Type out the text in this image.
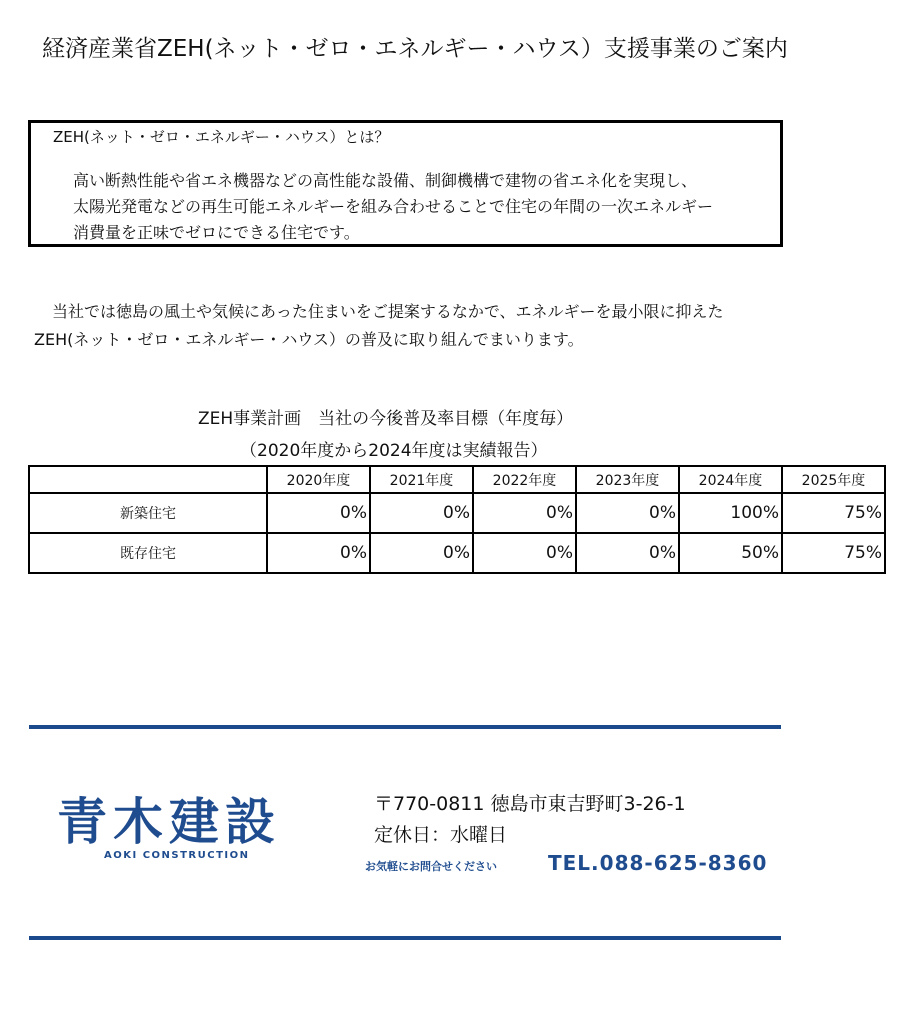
経済産業省ZEH(ネット・ゼロ・エネルギー・ハウス）支援事業のご案内
ZEH(ネット・ゼロ・エネルギー・ハウス）とは？
高い断熱性能や省エネ機器などの高性能な設備、制御機構で建物の省エネ化を実現し、
太陽光発電などの再生可能エネルギーを組み合わせることで住宅の年間の一次エネルギー
消費量を正味でゼロにできる住宅です。
当社では徳島の風土や気候にあった住まいをご提案するなかで、エネルギーを最小限に抑えた
ZEH(ネット・ゼロ・エネルギー・ハウス）の普及に取り組んでまいります。
ZEH事業計画　当社の今後普及率目標（年度毎）
（2020年度から2024年度は実績報告）
	2020年度	2021年度	2022年度	2023年度	2024年度	2025年度
新築住宅	0%	0%	0%	0%	100%	75%
既存住宅	0%	0%	0%	0%	50%	75%
青木建設
AOKI CONSTRUCTION
〒770-0811 徳島市東吉野町3-26-1
定休日：水曜日
お気軽にお問合せください	TEL.088-625-8360
